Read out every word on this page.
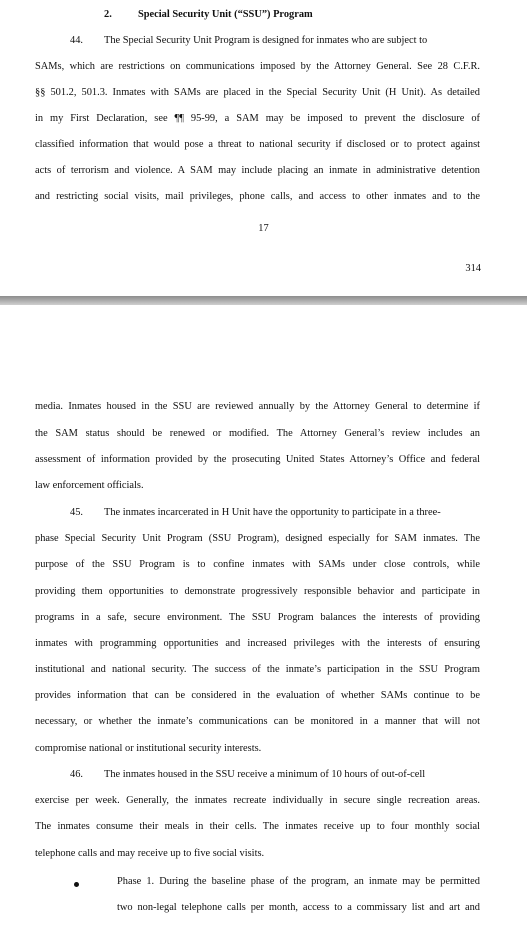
2.	Special Security Unit (“SSU”) Program
44. The Special Security Unit Program is designed for inmates who are subject to
SAMs, which are restrictions on communications imposed by the Attorney General. See 28 C.F.R.
§§ 501.2, 501.3. Inmates with SAMs are placed in the Special Security Unit (H Unit). As detailed
in my First Declaration, see ¶¶ 95-99, a SAM may be imposed to prevent the disclosure of
classified information that would pose a threat to national security if disclosed or to protect against
acts of terrorism and violence. A SAM may include placing an inmate in administrative detention
and restricting social visits, mail privileges, phone calls, and access to other inmates and to the
17
314
media. Inmates housed in the SSU are reviewed annually by the Attorney General to determine if
the SAM status should be renewed or modified. The Attorney General’s review includes an
assessment of information provided by the prosecuting United States Attorney’s Office and federal
law enforcement officials.
45. The inmates incarcerated in H Unit have the opportunity to participate in a three-
phase Special Security Unit Program (SSU Program), designed especially for SAM inmates. The
purpose of the SSU Program is to confine inmates with SAMs under close controls, while
providing them opportunities to demonstrate progressively responsible behavior and participate in
programs in a safe, secure environment. The SSU Program balances the interests of providing
inmates with programming opportunities and increased privileges with the interests of ensuring
institutional and national security. The success of the inmate’s participation in the SSU Program
provides information that can be considered in the evaluation of whether SAMs continue to be
necessary, or whether the inmate’s communications can be monitored in a manner that will not
compromise national or institutional security interests.
46. The inmates housed in the SSU receive a minimum of 10 hours of out-of-cell
exercise per week. Generally, the inmates recreate individually in secure single recreation areas.
The inmates consume their meals in their cells. The inmates receive up to four monthly social
telephone calls and may receive up to five social visits.
Phase 1. During the baseline phase of the program, an inmate may be permitted
two non-legal telephone calls per month, access to a commissary list and art and
